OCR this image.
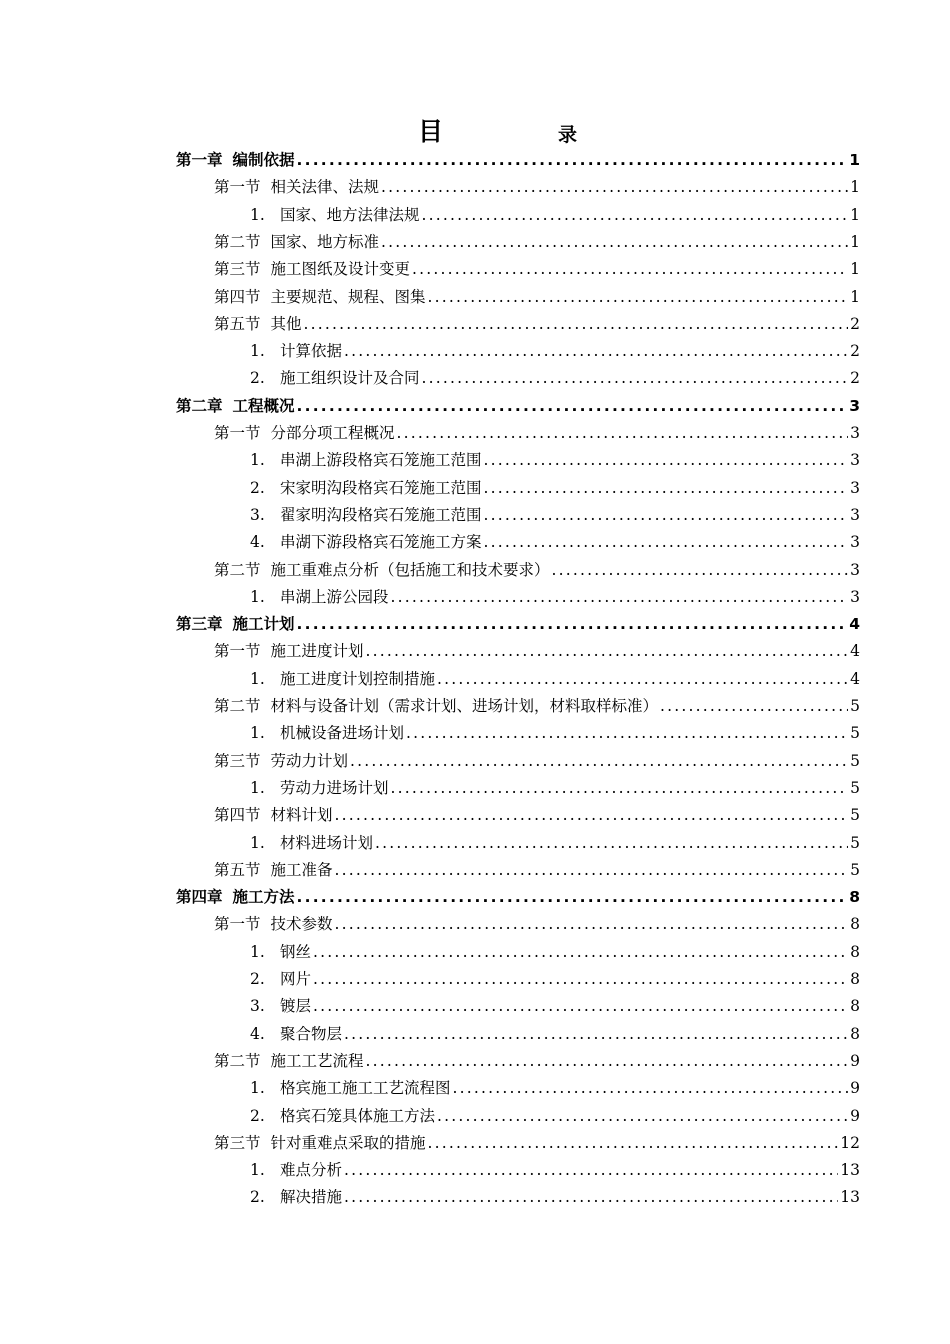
目	录
第一章 编制依据 .....	1
第一节 相关法律、法规 .....	1
1. 国家、地方法律法规 .....	1
第二节 国家、地方标准 .....	1
第三节 施工图纸及设计变更 .....	1
第四节 主要规范、规程、图集 .....	1
第五节 其他 .....	2
1. 计算依据 .....	2
2. 施工组织设计及合同 .....	2
第二章 工程概况 .....	3
第一节 分部分项工程概况 .....	3
1. 串湖上游段格宾石笼施工范围 .....	3
2. 宋家明沟段格宾石笼施工范围 .....	3
3. 翟家明沟段格宾石笼施工范围 .....	3
4. 串湖下游段格宾石笼施工方案 .....	3
第二节 施工重难点分析（包括施工和技术要求） .....	3
1. 串湖上游公园段 .....	3
第三章 施工计划 .....	4
第一节 施工进度计划 .....	4
1. 施工进度计划控制措施 .....	4
第二节 材料与设备计划（需求计划、进场计划，材料取样标准） .....	5
1. 机械设备进场计划 .....	5
第三节 劳动力计划 .....	5
1. 劳动力进场计划 .....	5
第四节 材料计划 .....	5
1. 材料进场计划 .....	5
第五节 施工准备 .....	5
第四章 施工方法 .....	8
第一节 技术参数 .....	8
1. 钢丝 .....	8
2. 网片 .....	8
3. 镀层 .....	8
4. 聚合物层 .....	8
第二节 施工工艺流程 .....	9
1. 格宾施工施工工艺流程图 .....	9
2. 格宾石笼具体施工方法 .....	9
第三节 针对重难点采取的措施 .....	12
1. 难点分析 .....	13
2. 解决措施 .....	13
